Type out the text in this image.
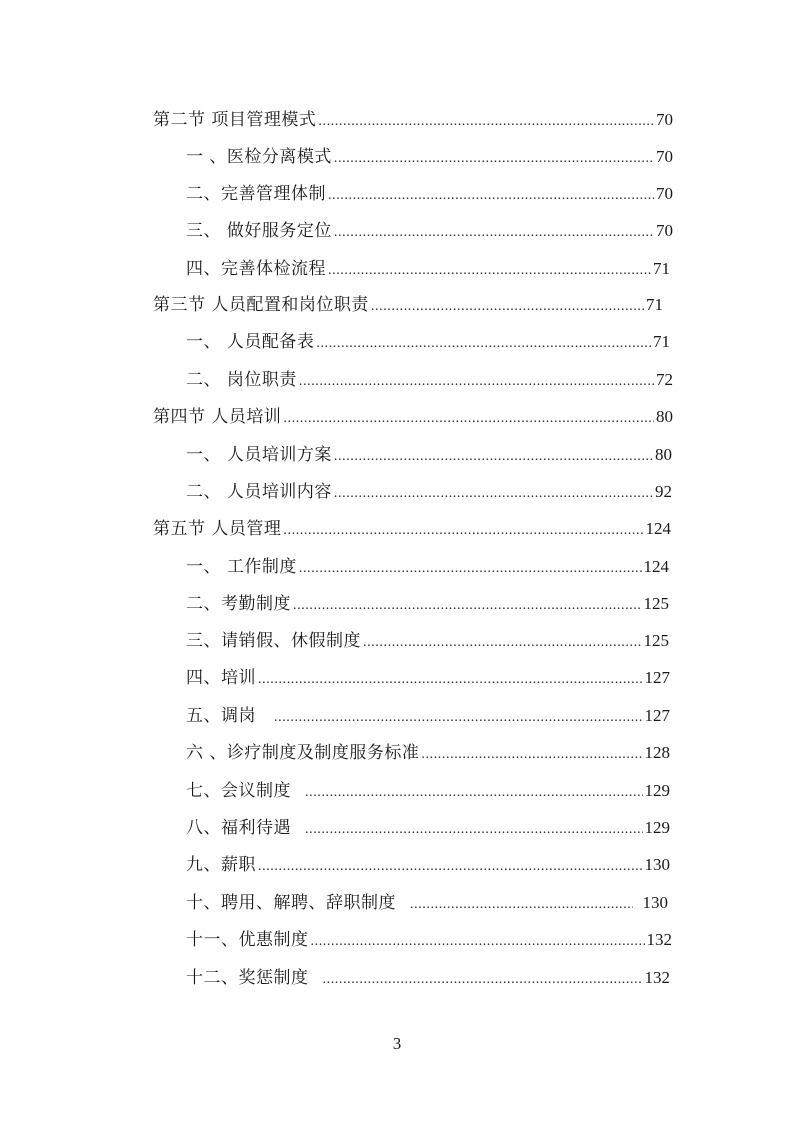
第二节 项目管理模式 .....	70
一 、医检分离模式 .....	70
二、完善管理体制 .....	70
三、 做好服务定位 .....	70
四、完善体检流程 .....	71
第三节 人员配置和岗位职责 .....	71
一、 人员配备表 .....	71
二、 岗位职责 .....	72
第四节 人员培训 .....	80
一、 人员培训方案 .....	80
二、 人员培训内容 .....	92
第五节 人员管理 .....	124
一、 工作制度 .....	124
二、考勤制度 .....	125
三、请销假、休假制度 .....	125
四、培训 .....	127
五、调岗 .....	127
六 、诊疗制度及制度服务标准 .....	128
七、会议制度 .....	129
八、福利待遇 .....	129
九、薪职 .....	130
十、聘用、解聘、辞职制度 .....	130
十一、优惠制度 .....	132
十二、奖惩制度 .....	132
3
